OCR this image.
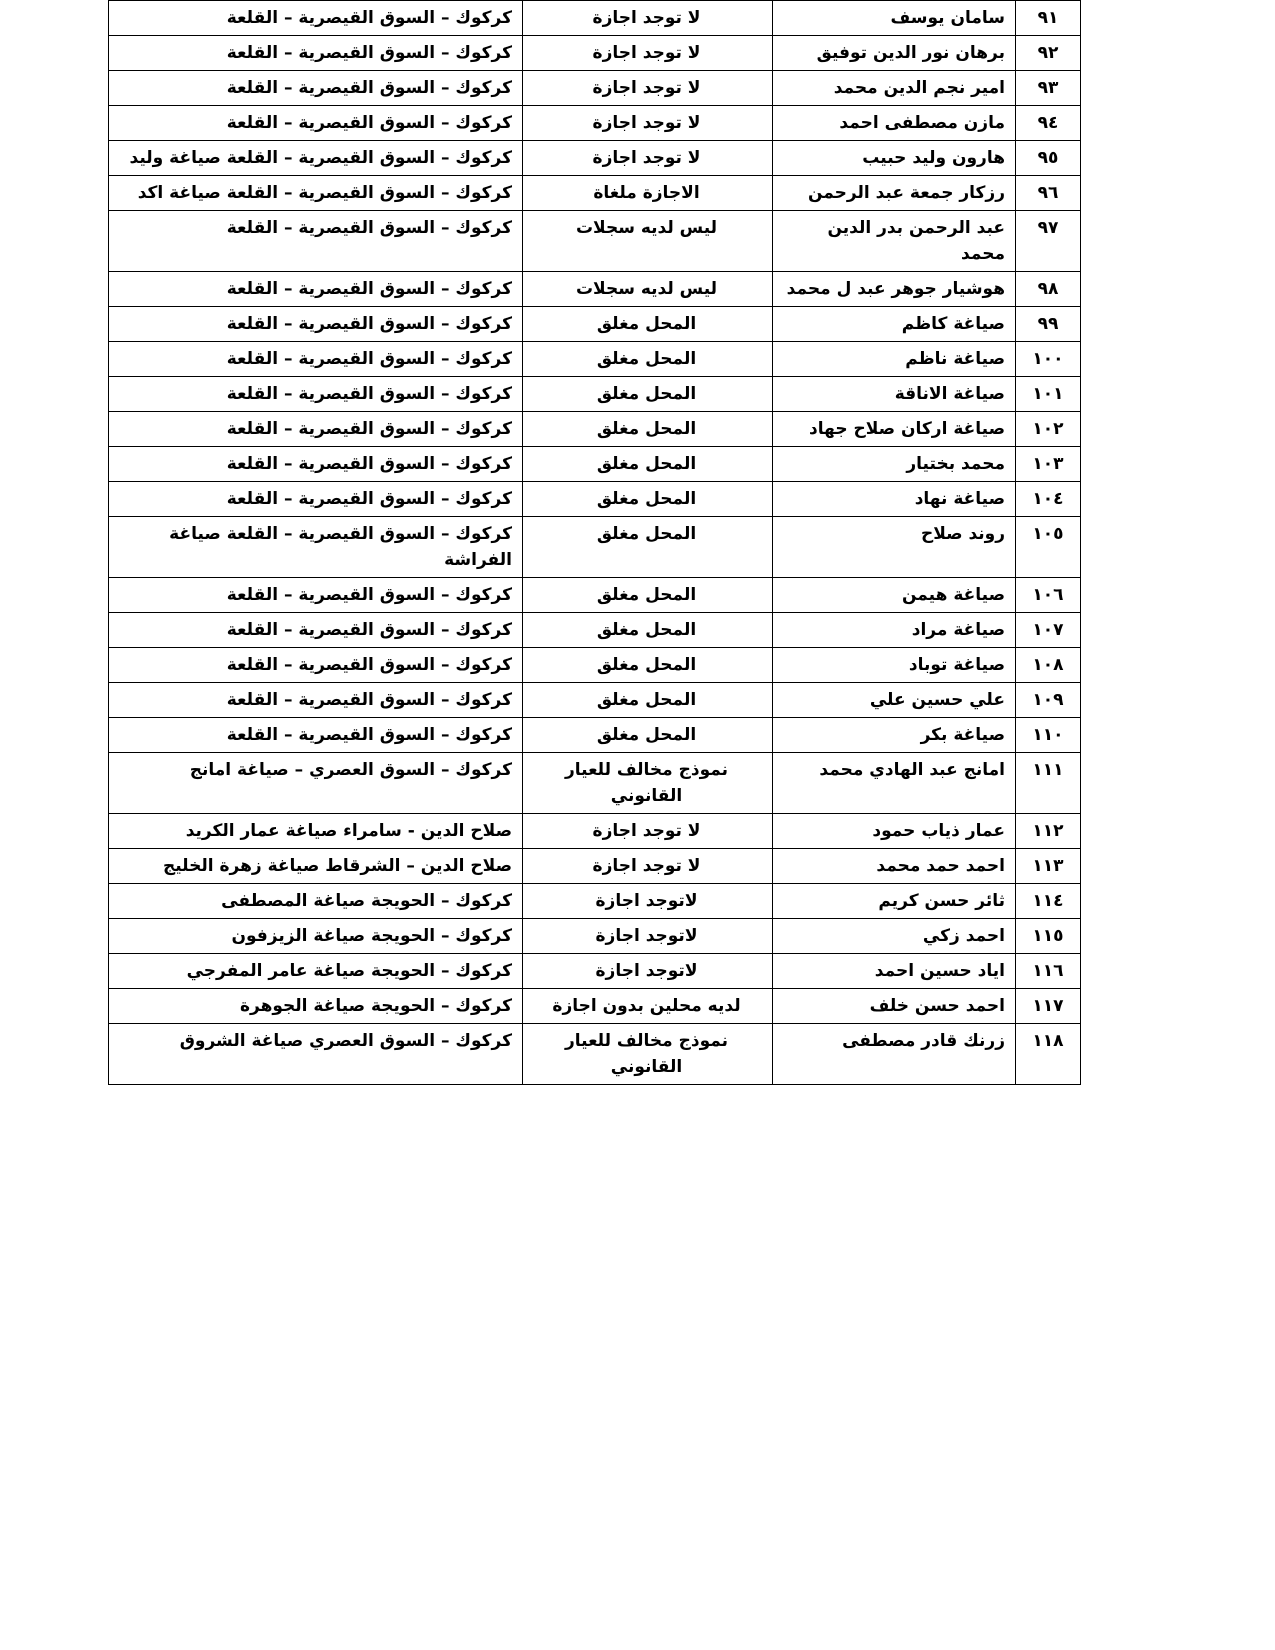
٩١	سامان يوسف	لا توجد اجازة	كركوك – السوق القيصرية – القلعة
٩٢	برهان نور الدين توفيق	لا توجد اجازة	كركوك – السوق القيصرية – القلعة
٩٣	امير نجم الدين محمد	لا توجد اجازة	كركوك – السوق القيصرية – القلعة
٩٤	مازن مصطفى احمد	لا توجد اجازة	كركوك – السوق القيصرية – القلعة
٩٥	هارون وليد حبيب	لا توجد اجازة	كركوك – السوق القيصرية – القلعة صياغة وليد
٩٦	رزكار جمعة عبد الرحمن	الاجازة ملغاة	كركوك – السوق القيصرية – القلعة صياغة اكد
٩٧	عبد الرحمن بدر الدين محمد	ليس لديه سجلات	كركوك – السوق القيصرية – القلعة
٩٨	هوشيار جوهر عبد ل محمد	ليس لديه سجلات	كركوك – السوق القيصرية – القلعة
٩٩	صياغة كاظم	المحل مغلق	كركوك – السوق القيصرية – القلعة
١٠٠	صياغة ناظم	المحل مغلق	كركوك – السوق القيصرية – القلعة
١٠١	صياغة الاناقة	المحل مغلق	كركوك – السوق القيصرية – القلعة
١٠٢	صياغة اركان صلاح جهاد	المحل مغلق	كركوك – السوق القيصرية – القلعة
١٠٣	محمد بختيار	المحل مغلق	كركوك – السوق القيصرية – القلعة
١٠٤	صياغة نهاد	المحل مغلق	كركوك – السوق القيصرية – القلعة
١٠٥	روند صلاح	المحل مغلق	كركوك – السوق القيصرية – القلعة صياغة الفراشة
١٠٦	صياغة هيمن	المحل مغلق	كركوك – السوق القيصرية – القلعة
١٠٧	صياغة مراد	المحل مغلق	كركوك – السوق القيصرية – القلعة
١٠٨	صياغة توباد	المحل مغلق	كركوك – السوق القيصرية – القلعة
١٠٩	علي حسين علي	المحل مغلق	كركوك – السوق القيصرية – القلعة
١١٠	صياغة بكر	المحل مغلق	كركوك – السوق القيصرية – القلعة
١١١	امانج عبد الهادي محمد	نموذج مخالف للعيار القانوني	كركوك – السوق العصري – صياغة امانج
١١٢	عمار ذياب حمود	لا توجد اجازة	صلاح الدين - سامراء صياغة عمار الكريد
١١٣	احمد حمد محمد	لا توجد اجازة	صلاح الدين – الشرقاط صياغة زهرة الخليج
١١٤	ثائر حسن كريم	لاتوجد اجازة	كركوك – الحويجة صياغة المصطفى
١١٥	احمد زكي	لاتوجد اجازة	كركوك – الحويجة صياغة الزيزفون
١١٦	اياد حسين احمد	لاتوجد اجازة	كركوك – الحويجة صياغة عامر المفرجي
١١٧	احمد حسن خلف	لديه محلين بدون اجازة	كركوك – الحويجة صياغة الجوهرة
١١٨	زرنك قادر مصطفى	نموذج مخالف للعيار القانوني	كركوك – السوق العصري صياغة الشروق
